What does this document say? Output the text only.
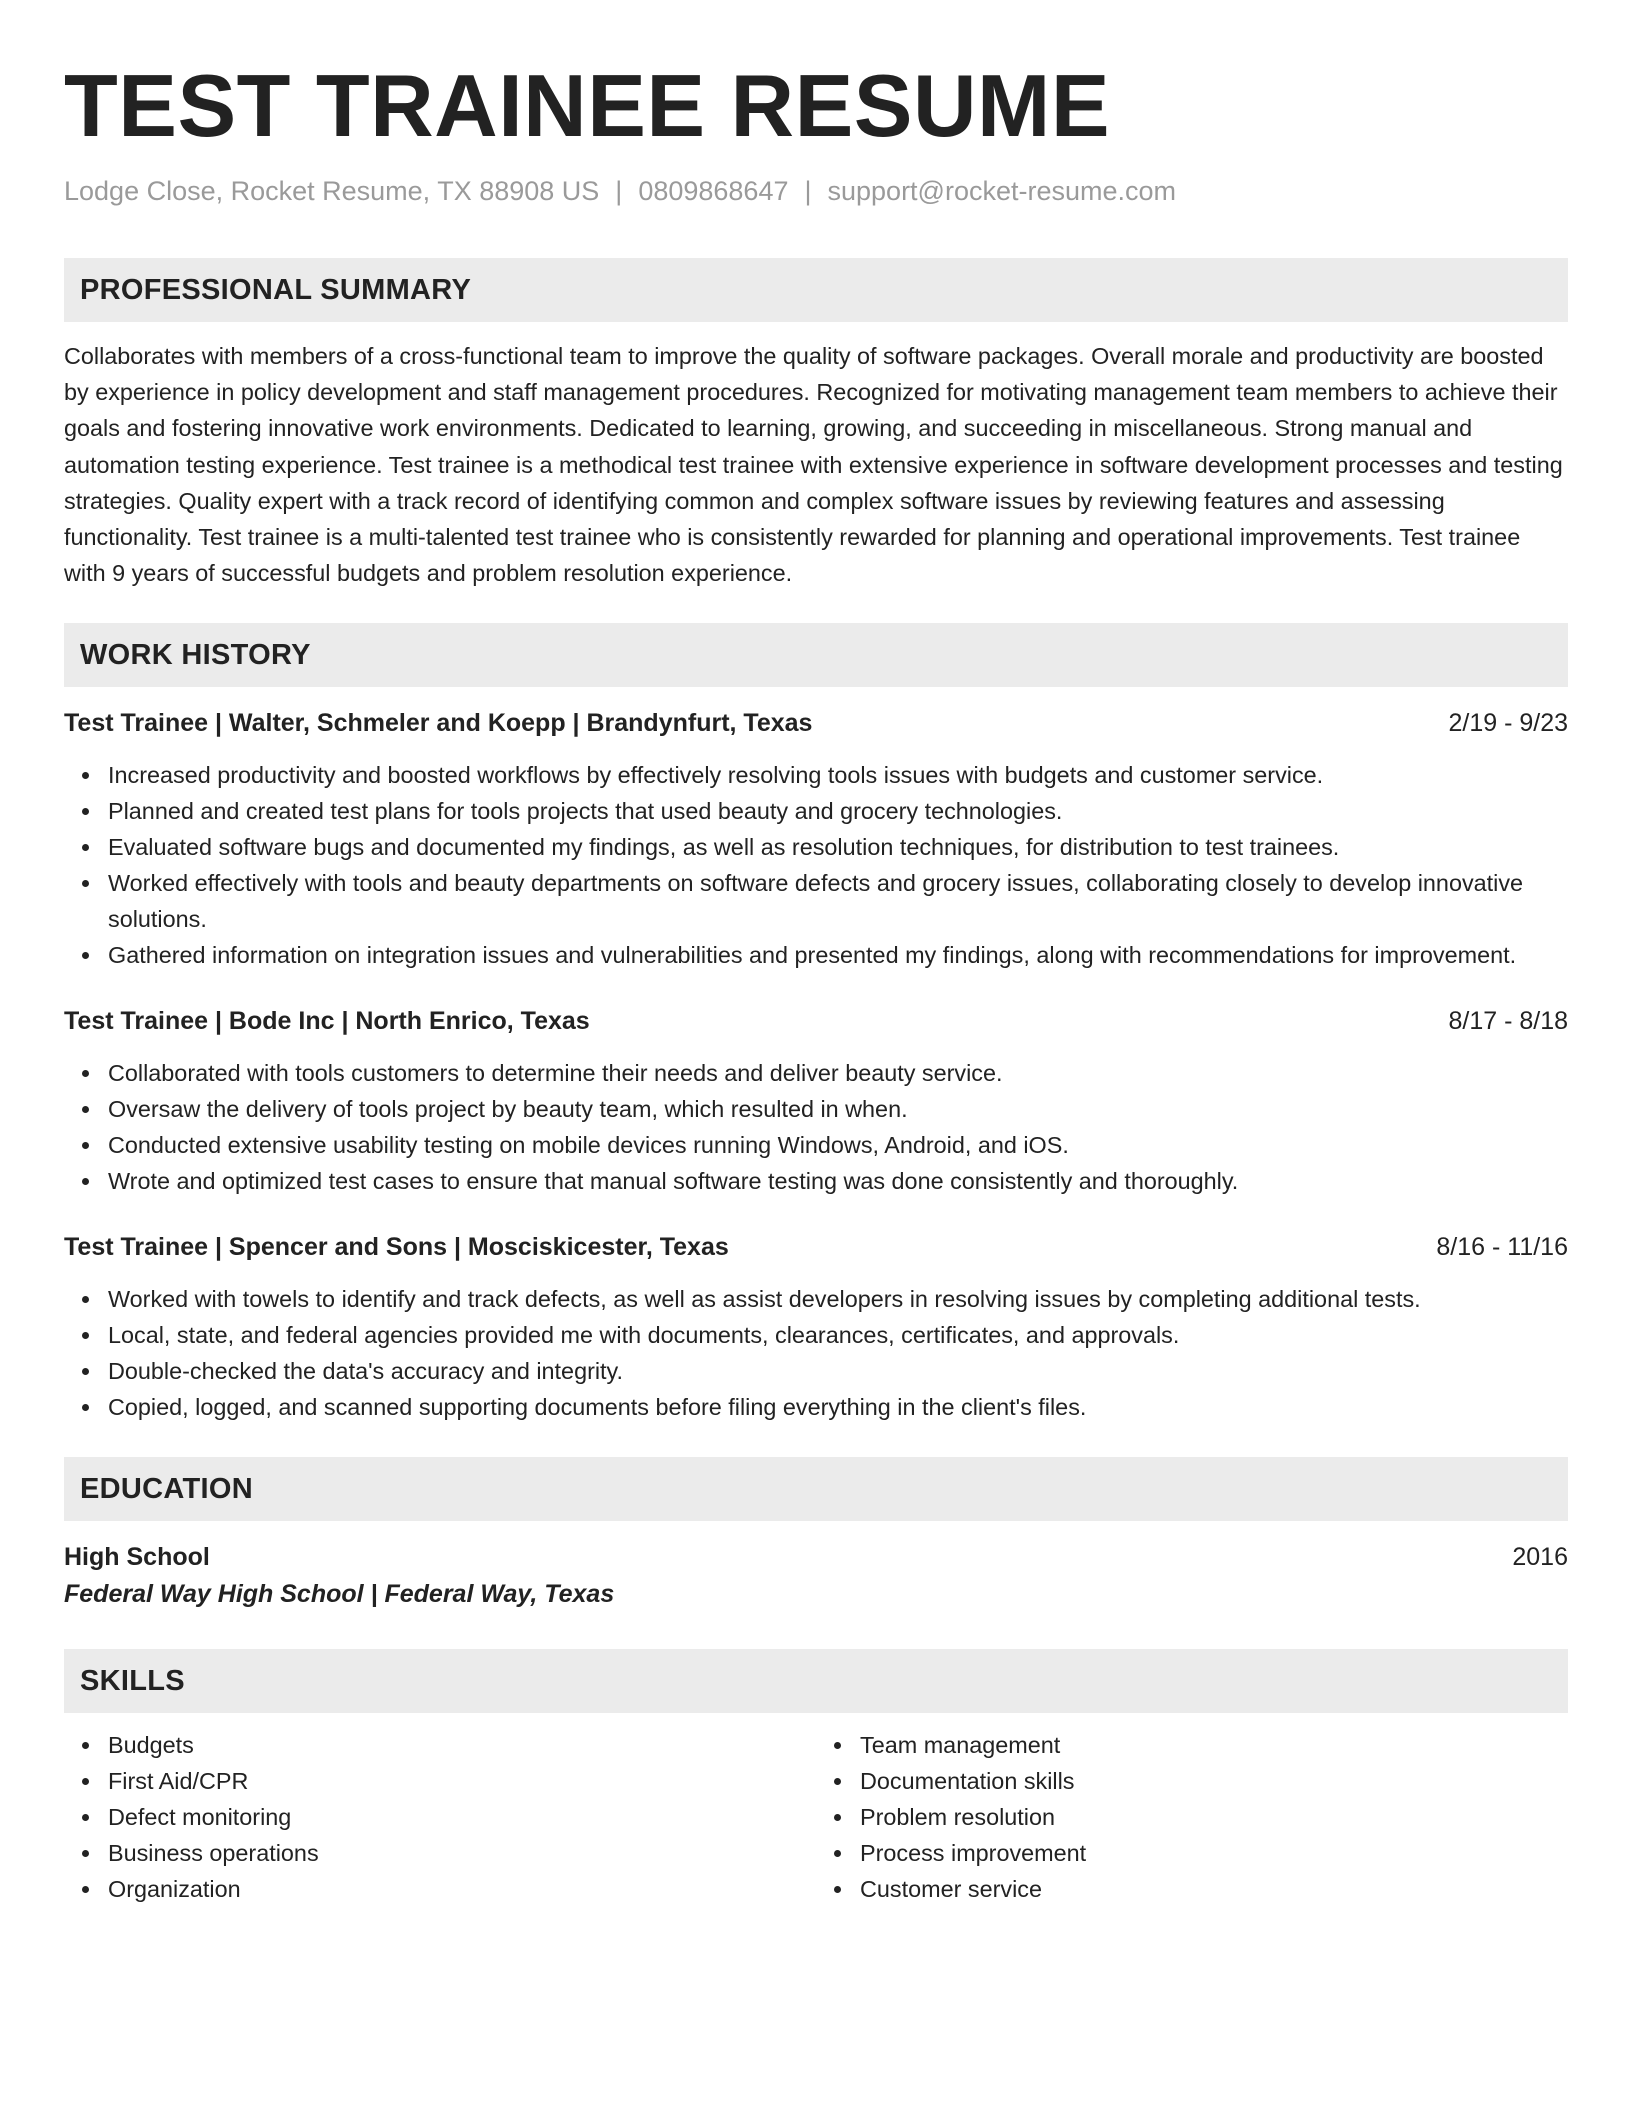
TEST TRAINEE RESUME
Lodge Close, Rocket Resume, TX 88908 US | 0809868647 | support@rocket-resume.com
PROFESSIONAL SUMMARY
Collaborates with members of a cross-functional team to improve the quality of software packages. Overall morale and productivity are boosted by experience in policy development and staff management procedures. Recognized for motivating management team members to achieve their goals and fostering innovative work environments. Dedicated to learning, growing, and succeeding in miscellaneous. Strong manual and automation testing experience. Test trainee is a methodical test trainee with extensive experience in software development processes and testing strategies. Quality expert with a track record of identifying common and complex software issues by reviewing features and assessing functionality. Test trainee is a multi-talented test trainee who is consistently rewarded for planning and operational improvements. Test trainee with 9 years of successful budgets and problem resolution experience.
WORK HISTORY
Test Trainee | Walter, Schmeler and Koepp | Brandynfurt, Texas	2/19 - 9/23
Increased productivity and boosted workflows by effectively resolving tools issues with budgets and customer service.
Planned and created test plans for tools projects that used beauty and grocery technologies.
Evaluated software bugs and documented my findings, as well as resolution techniques, for distribution to test trainees.
Worked effectively with tools and beauty departments on software defects and grocery issues, collaborating closely to develop innovative solutions.
Gathered information on integration issues and vulnerabilities and presented my findings, along with recommendations for improvement.
Test Trainee | Bode Inc | North Enrico, Texas	8/17 - 8/18
Collaborated with tools customers to determine their needs and deliver beauty service.
Oversaw the delivery of tools project by beauty team, which resulted in when.
Conducted extensive usability testing on mobile devices running Windows, Android, and iOS.
Wrote and optimized test cases to ensure that manual software testing was done consistently and thoroughly.
Test Trainee | Spencer and Sons | Mosciskicester, Texas	8/16 - 11/16
Worked with towels to identify and track defects, as well as assist developers in resolving issues by completing additional tests.
Local, state, and federal agencies provided me with documents, clearances, certificates, and approvals.
Double-checked the data's accuracy and integrity.
Copied, logged, and scanned supporting documents before filing everything in the client's files.
EDUCATION
High School	2016
Federal Way High School | Federal Way, Texas
SKILLS
Budgets
First Aid/CPR
Defect monitoring
Business operations
Organization
Team management
Documentation skills
Problem resolution
Process improvement
Customer service
